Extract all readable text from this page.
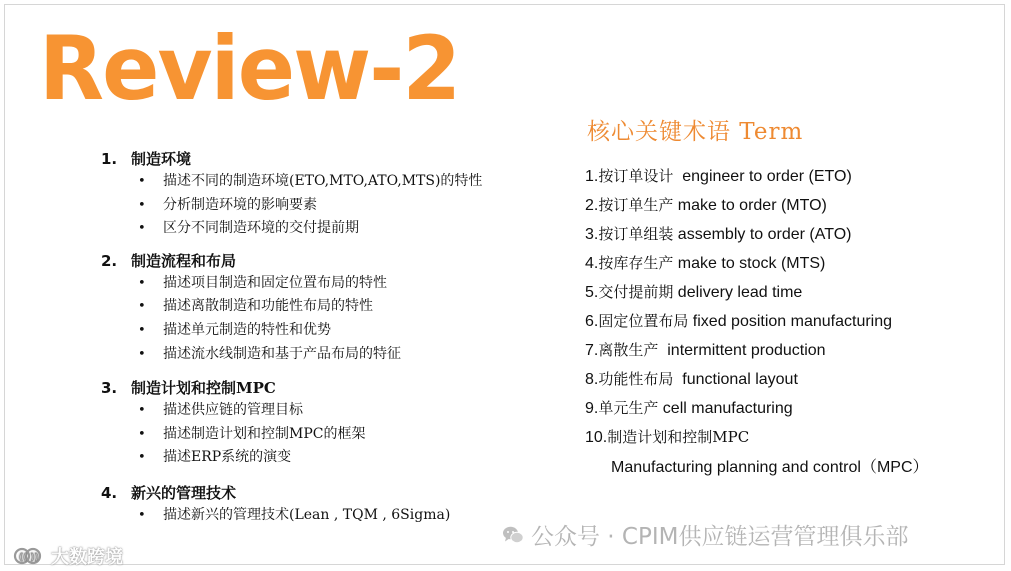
Review-2
1. 制造环境
•	描述不同的制造环境(ETO,MTO,ATO,MTS)的特性
•	分析制造环境的影响要素
•	区分不同制造环境的交付提前期
2. 制造流程和布局
•	描述项目制造和固定位置布局的特性
•	描述离散制造和功能性布局的特性
•	描述单元制造的特性和优势
•	描述流水线制造和基于产品布局的特征
3. 制造计划和控制MPC
•	描述供应链的管理目标
•	描述制造计划和控制MPC的框架
•	描述ERP系统的演变
4. 新兴的管理技术
•	描述新兴的管理技术(Lean , TQM , 6Sigma)
核心关键术语 Term
1.按订单设计  engineer to order (ETO)
2.按订单生产 make to order (MTO)
3.按订单组装 assembly to order (ATO)
4.按库存生产 make to stock (MTS)
5.交付提前期 delivery lead time
6.固定位置布局 fixed position manufacturing
7.离散生产  intermittent production
8.功能性布局  functional layout
9.单元生产 cell manufacturing
10.制造计划和控制MPC
Manufacturing planning and control（MPC）
公众号 · CPIM供应链运营管理俱乐部
(( )) 大数跨境
